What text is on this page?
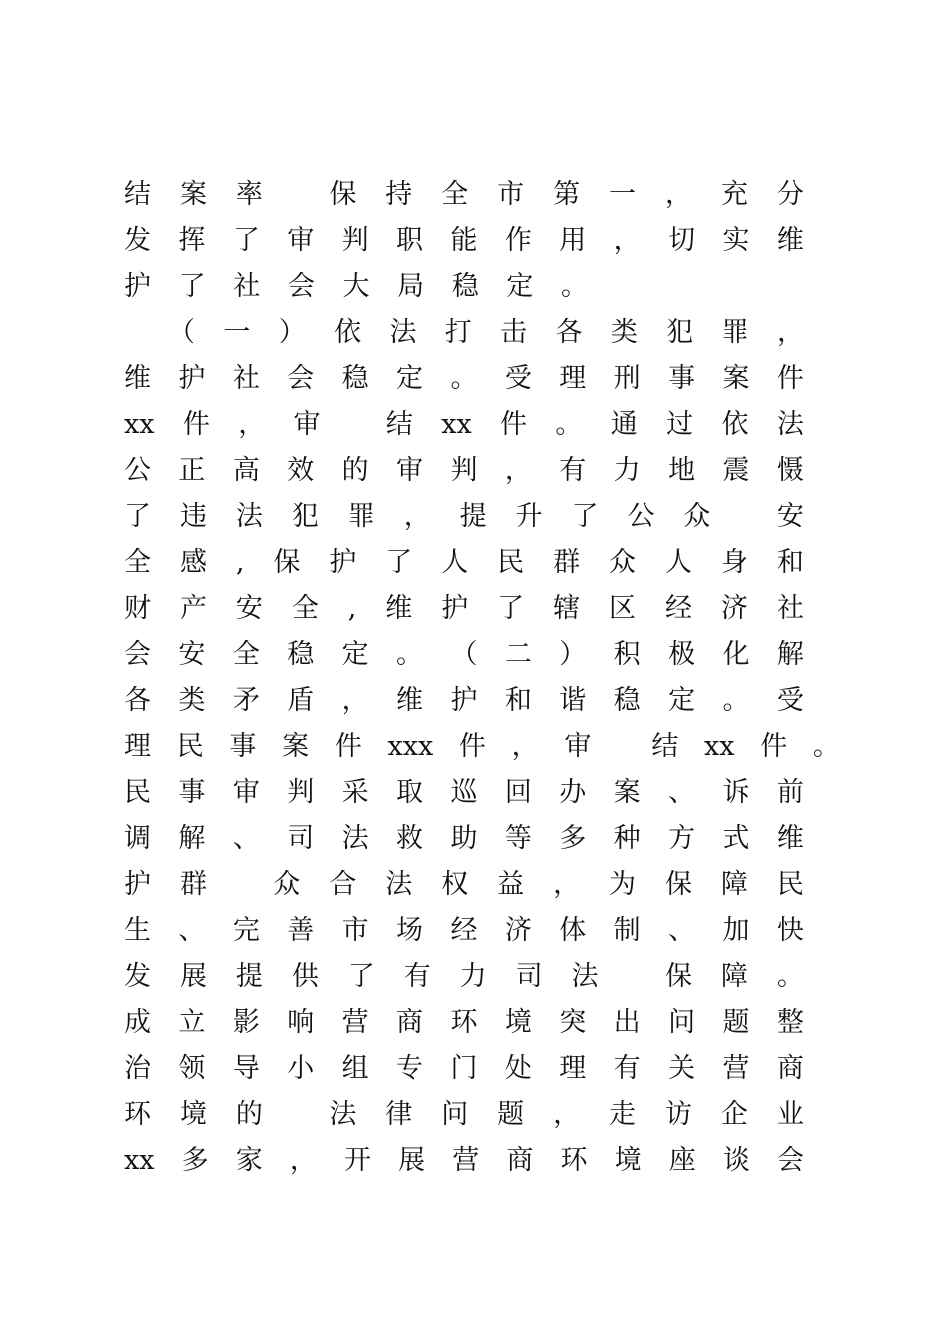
结 案 率
保 持 全 市 第 一 ， 充 分
发 挥 了 审 判 职 能 作 用 ， 切 实 维
护 了 社 会 大 局 稳 定 。
（ 一 ） 依 法 打 击 各 类 犯 罪 ，
维 护 社 会 稳 定 。 受 理 刑 事 案 件
xx 件 ， 审
结 xx 件 。 通 过 依 法
公 正 高 效 的 审 判 ， 有 力 地 震 慑
了 违 法 犯 罪 ， 提 升 了 公 众
安
全 感 , 保 护 了 人 民 群 众 人 身 和
财 产 安 全 , 维 护 了 辖 区 经 济 社
会 安 全 稳 定 。 （ 二 ） 积 极 化 解
各 类 矛 盾 ， 维 护 和 谐 稳 定 。 受
理 民 事 案 件 xxx 件 ， 审
结 xx 件 。
民 事 审 判 采 取 巡 回 办 案 、 诉 前
调 解 、 司 法 救 助 等 多 种 方 式 维
护 群
众 合 法 权 益 ， 为 保 障 民
生 、 完 善 市 场 经 济 体 制 、 加 快
发 展 提 供 了 有 力 司 法
保 障 。
成 立 影 响 营 商 环 境 突 出 问 题 整
治 领 导 小 组 专 门 处 理 有 关 营 商
环 境 的
法 律 问 题 ， 走 访 企 业
xx 多 家 ， 开 展 营 商 环 境 座 谈 会
